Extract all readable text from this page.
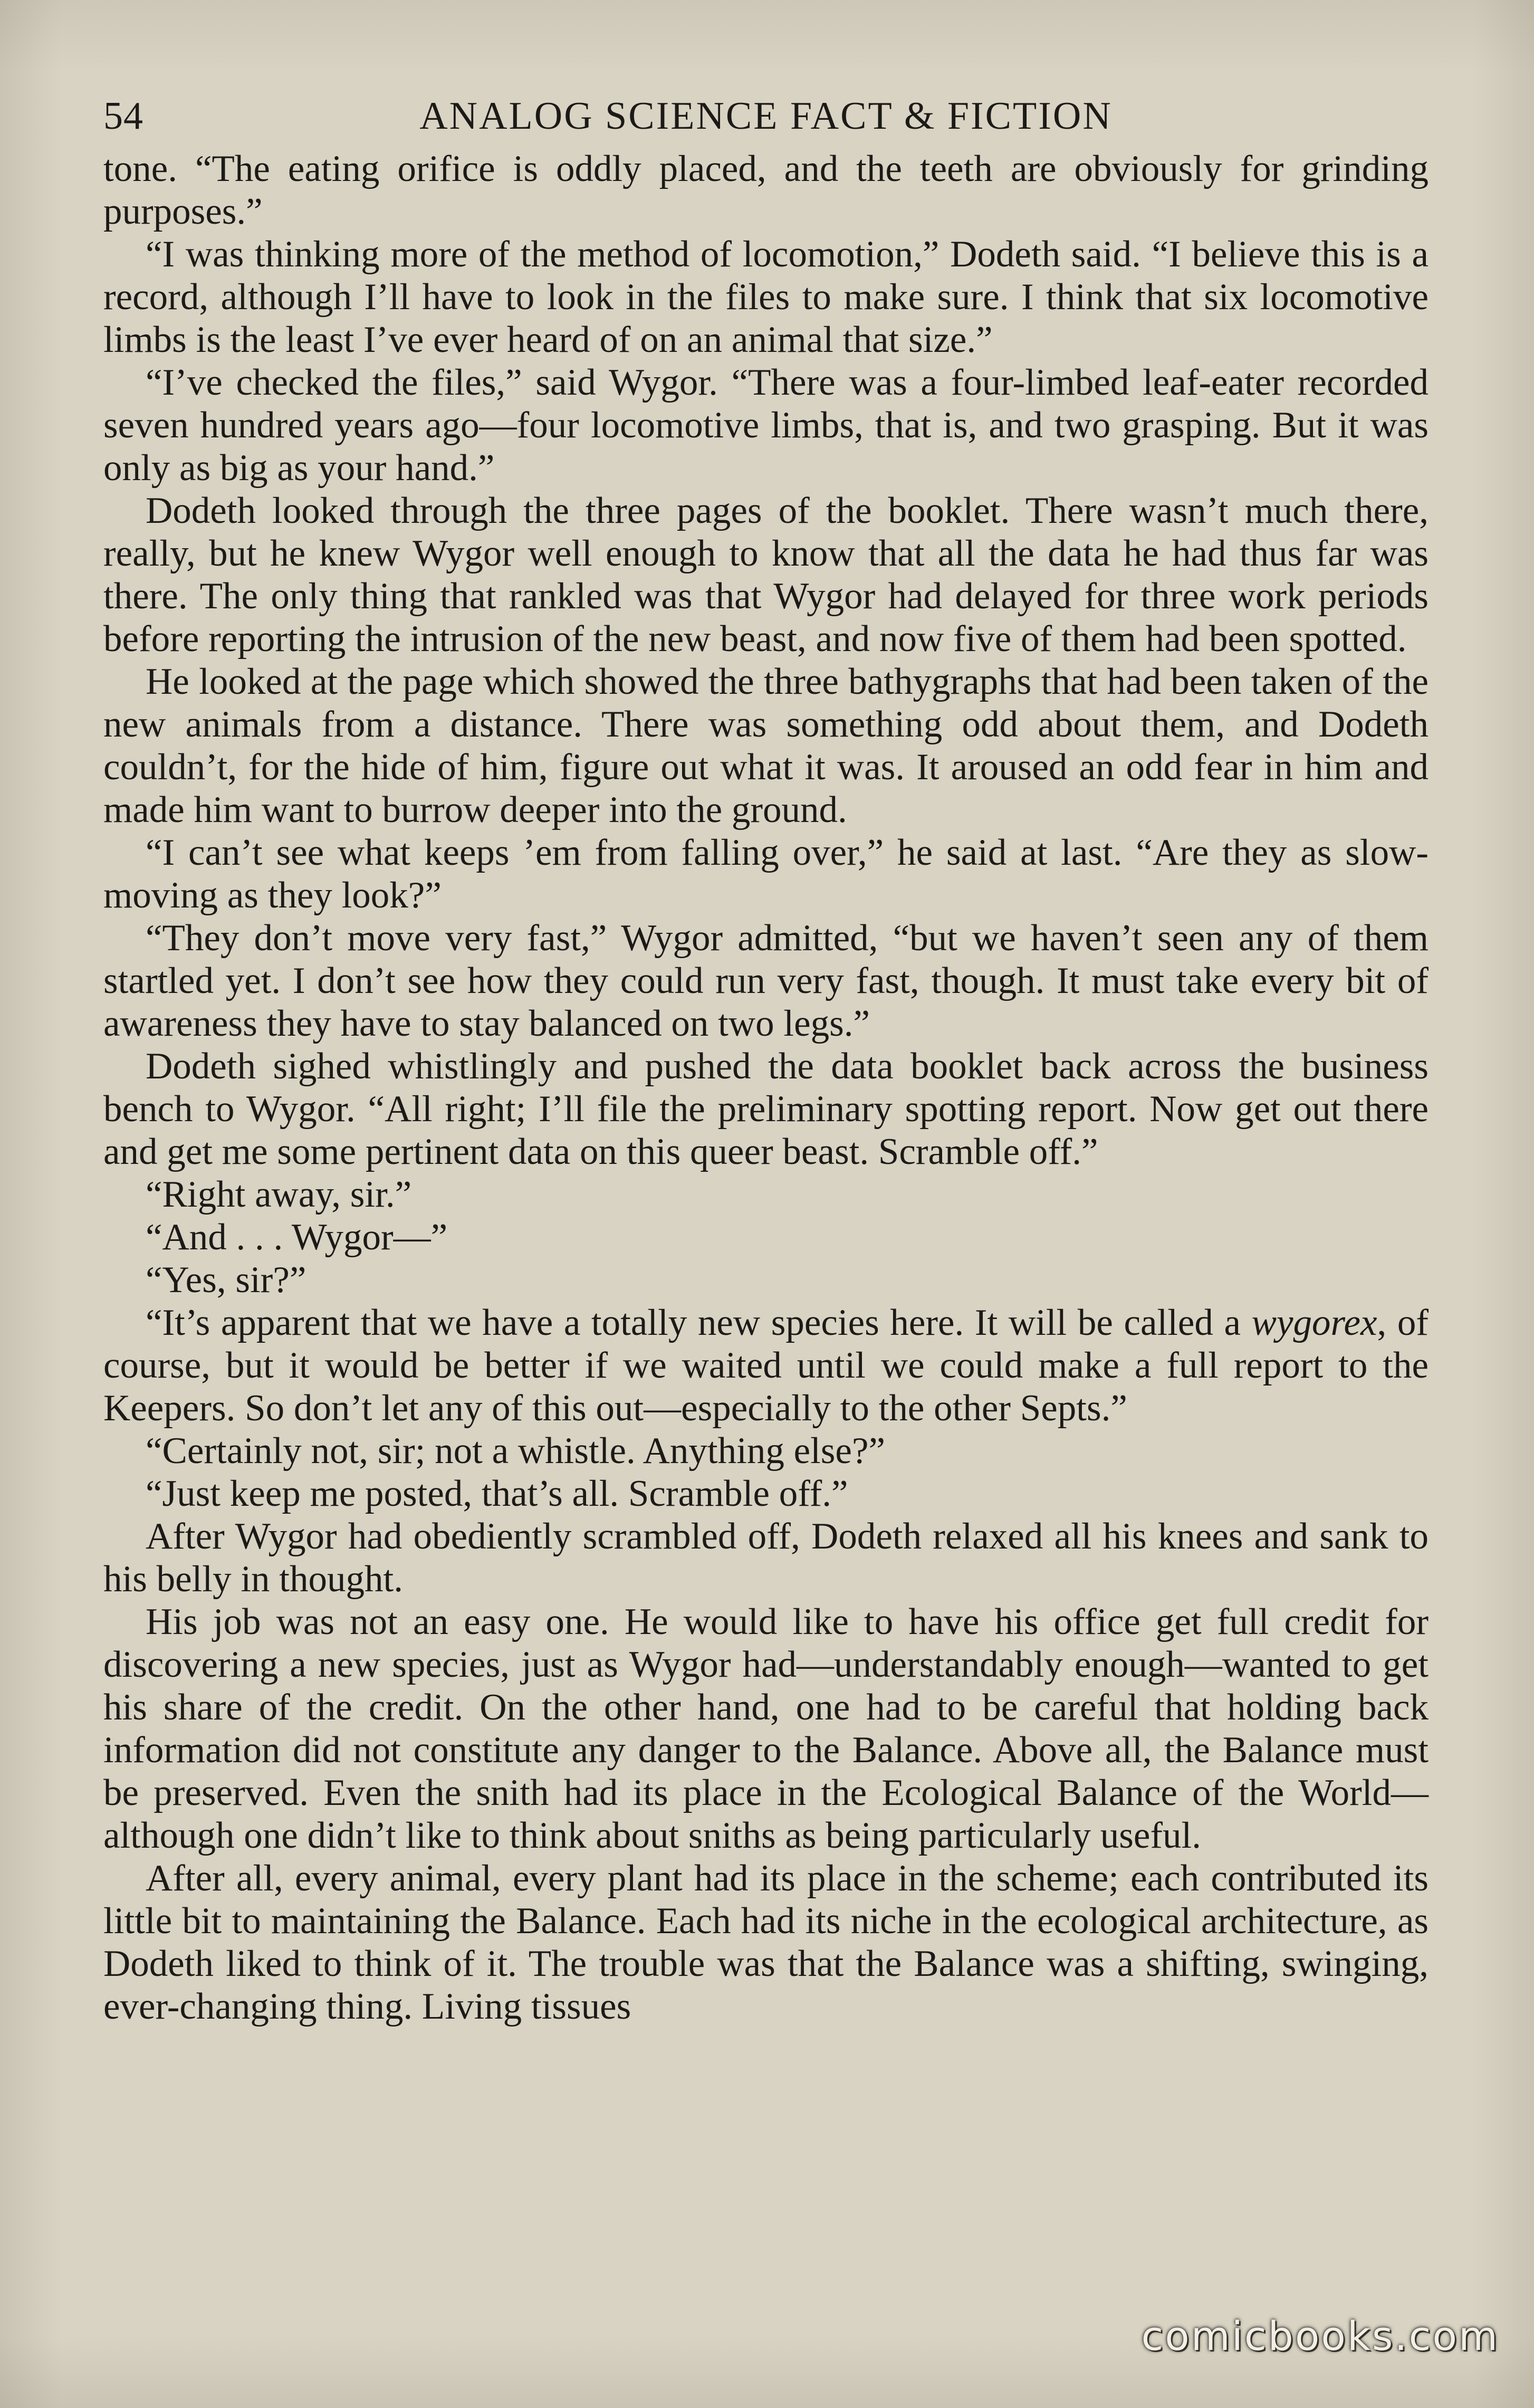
54	ANALOG SCIENCE FACT & FICTION

tone. “The eating orifice is oddly placed, and the teeth are obviously for grinding purposes.”

“I was thinking more of the method of locomotion,” Dodeth said. “I believe this is a record, although I’ll have to look in the files to make sure. I think that six locomotive limbs is the least I’ve ever heard of on an animal that size.”

“I’ve checked the files,” said Wygor. “There was a four-limbed leaf-eater recorded seven hundred years ago—four locomotive limbs, that is, and two grasping. But it was only as big as your hand.”

Dodeth looked through the three pages of the booklet. There wasn’t much there, really, but he knew Wygor well enough to know that all the data he had thus far was there. The only thing that rankled was that Wygor had delayed for three work periods before reporting the intrusion of the new beast, and now five of them had been spotted.

He looked at the page which showed the three bathygraphs that had been taken of the new animals from a distance. There was something odd about them, and Dodeth couldn’t, for the hide of him, figure out what it was. It aroused an odd fear in him and made him want to burrow deeper into the ground.

“I can’t see what keeps ’em from falling over,” he said at last. “Are they as slow-moving as they look?”

“They don’t move very fast,” Wygor admitted, “but we haven’t seen any of them startled yet. I don’t see how they could run very fast, though. It must take every bit of awareness they have to stay balanced on two legs.”

Dodeth sighed whistlingly and pushed the data booklet back across the business bench to Wygor. “All right; I’ll file the preliminary spotting report. Now get out there and get me some pertinent data on this queer beast. Scramble off.”

“Right away, sir.”

“And . . . Wygor—”

“Yes, sir?”

“It’s apparent that we have a totally new species here. It will be called a wygorex, of course, but it would be better if we waited until we could make a full report to the Keepers. So don’t let any of this out—especially to the other Septs.”

“Certainly not, sir; not a whistle. Anything else?”

“Just keep me posted, that’s all. Scramble off.”

After Wygor had obediently scrambled off, Dodeth relaxed all his knees and sank to his belly in thought.

His job was not an easy one. He would like to have his office get full credit for discovering a new species, just as Wygor had—understandably enough—wanted to get his share of the credit. On the other hand, one had to be careful that holding back information did not constitute any danger to the Balance. Above all, the Balance must be preserved. Even the snith had its place in the Ecological Balance of the World—although one didn’t like to think about sniths as being particularly useful.

After all, every animal, every plant had its place in the scheme; each contributed its little bit to maintaining the Balance. Each had its niche in the ecological architecture, as Dodeth liked to think of it. The trouble was that the Balance was a shifting, swinging, ever-changing thing. Living tissues

comicbooks.com
